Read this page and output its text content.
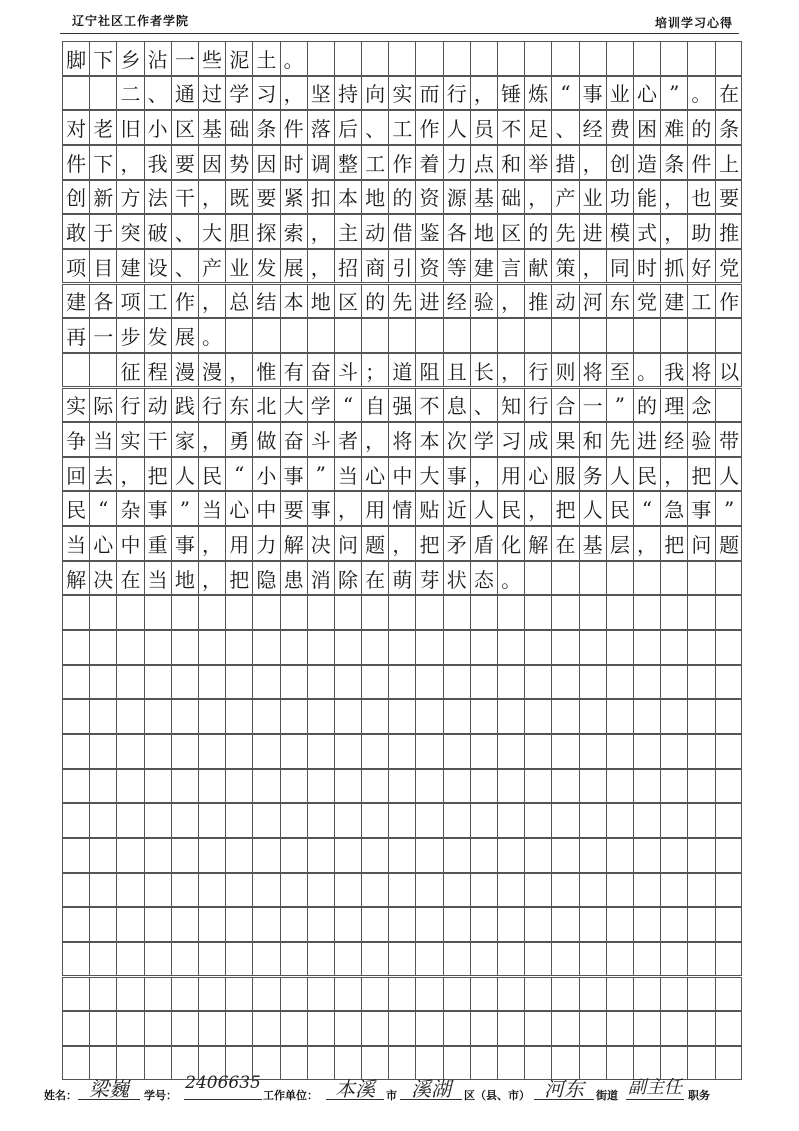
辽宁社区工作者学院	培训学习心得
脚 下 乡 沾 一 些 泥 土 。
二 、 通 过 学 习 ， 坚 持 向 实 而 行 ， 锤 炼 “ 事 业 心 ” 。 在
对 老 旧 小 区 基 础 条 件 落 后 、 工 作 人 员 不 足 、 经 费 困 难 的 条
件 下 ， 我 要 因 势 因 时 调 整 工 作 着 力 点 和 举 措 ， 创 造 条 件 上
创 新 方 法 干 ， 既 要 紧 扣 本 地 的 资 源 基 础 ， 产 业 功 能 ， 也 要
敢 于 突 破 、 大 胆 探 索 ， 主 动 借 鉴 各 地 区 的 先 进 模 式 ， 助 推
项 目 建 设 、 产 业 发 展 ， 招 商 引 资 等 建 言 献 策 ， 同 时 抓 好 党
建 各 项 工 作 ， 总 结 本 地 区 的 先 进 经 验 ， 推 动 河 东 党 建 工 作
再 一 步 发 展 。
征 程 漫 漫 ， 惟 有 奋 斗 ； 道 阻 且 长 ， 行 则 将 至 。 我 将 以
实 际 行 动 践 行 东 北 大 学 “ 自 强 不 息 、 知 行 合 一 ” 的 理 念
争 当 实 干 家 ， 勇 做 奋 斗 者 ， 将 本 次 学 习 成 果 和 先 进 经 验 带
回 去 ， 把 人 民 “ 小 事 ” 当 心 中 大 事 ， 用 心 服 务 人 民 ， 把 人
民 “ 杂 事 ” 当 心 中 要 事 ， 用 情 贴 近 人 民 ， 把 人 民 “ 急 事 ”
当 心 中 重 事 ， 用 力 解 决 问 题 ， 把 矛 盾 化 解 在 基 层 ， 把 问 题
解 决 在 当 地 ， 把 隐 患 消 除 在 萌 芽 状 态 。
姓名： 梁巍	学号：
2406635
工作单位： 本溪	市 溪湖	区（县、市） 河东	街道 副主任 职务
